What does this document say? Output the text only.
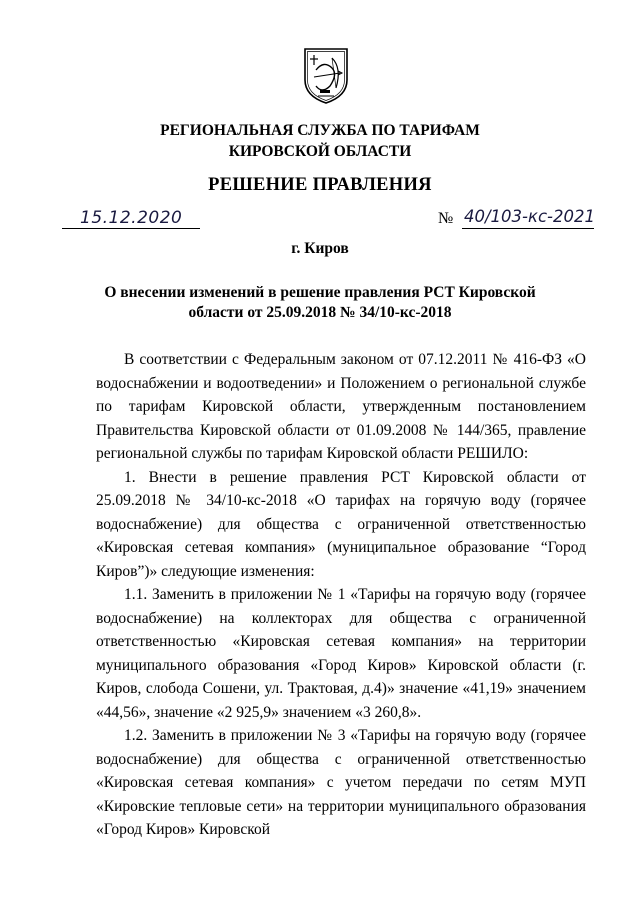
РЕГИОНАЛЬНАЯ СЛУЖБА ПО ТАРИФАМ
КИРОВСКОЙ ОБЛАСТИ
РЕШЕНИЕ ПРАВЛЕНИЯ
15.12.2020	№ 40/103-кс-2021
г. Киров
О внесении изменений в решение правления РСТ Кировской
области от 25.09.2018 № 34/10-кс-2018

В соответствии с Федеральным законом от 07.12.2011 № 416-ФЗ «О водоснабжении и водоотведении» и Положением о региональной службе по тарифам Кировской области, утвержденным постановлением Правительства Кировской области от 01.09.2008 № 144/365, правление региональной службы по тарифам Кировской области РЕШИЛО:

1. Внести в решение правления РСТ Кировской области от 25.09.2018 № 34/10-кс-2018 «О тарифах на горячую воду (горячее водоснабжение) для общества с ограниченной ответственностью «Кировская сетевая компания» (муниципальное образование “Город Киров”)» следующие изменения:

1.1. Заменить в приложении № 1 «Тарифы на горячую воду (горячее водоснабжение) на коллекторах для общества с ограниченной ответственностью «Кировская сетевая компания» на территории муниципального образования «Город Киров» Кировской области (г. Киров, слобода Сошени, ул. Трактовая, д.4)» значение «41,19» значением «44,56», значение «2 925,9» значением «3 260,8».

1.2. Заменить в приложении № 3 «Тарифы на горячую воду (горячее водоснабжение) для общества с ограниченной ответственностью «Кировская сетевая компания» с учетом передачи по сетям МУП «Кировские тепловые сети» на территории муниципального образования «Город Киров» Кировской
